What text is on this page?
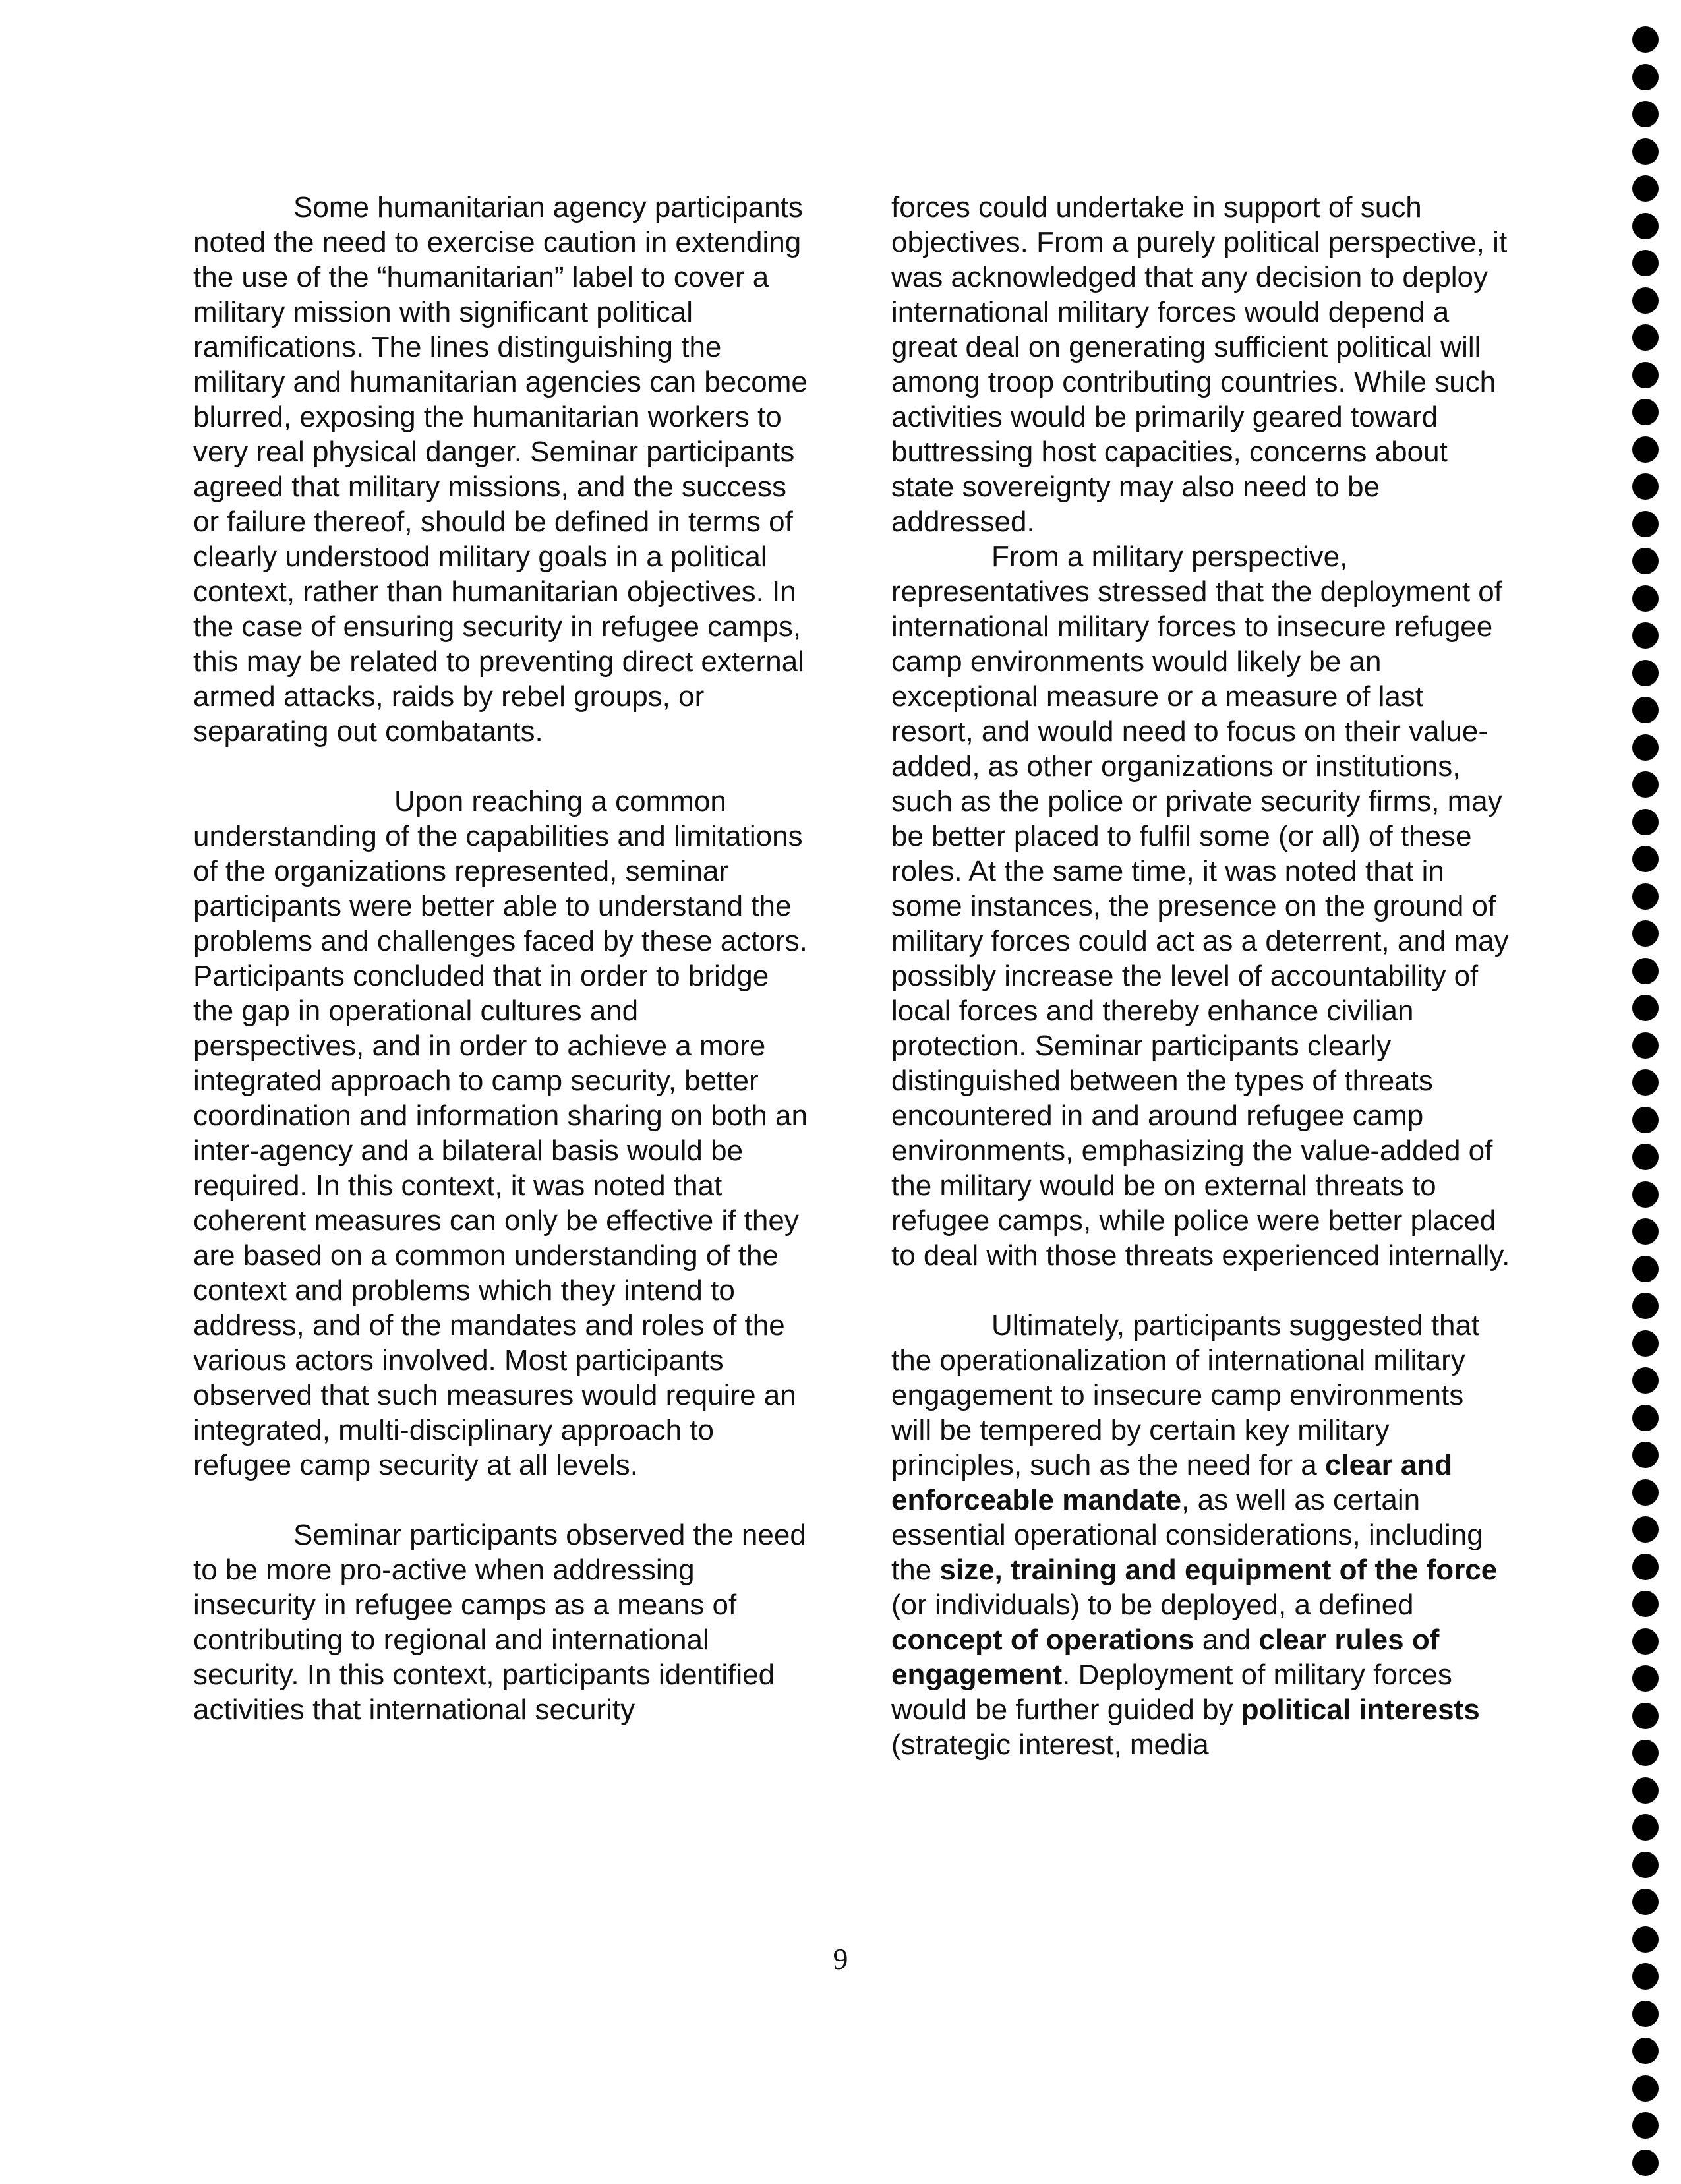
Some humanitarian agency participants noted the need to exercise caution in extending the use of the “humanitarian” label to cover a military mission with significant political ramifications. The lines distinguishing the military and humanitarian agencies can become blurred, exposing the humanitarian workers to very real physical danger. Seminar participants agreed that military missions, and the success or failure thereof, should be defined in terms of clearly understood military goals in a political context, rather than humanitarian objectives. In the case of ensuring security in refugee camps, this may be related to preventing direct external armed attacks, raids by rebel groups, or separating out combatants.

Upon reaching a common understanding of the capabilities and limitations of the organizations represented, seminar participants were better able to understand the problems and challenges faced by these actors. Participants concluded that in order to bridge the gap in operational cultures and perspectives, and in order to achieve a more integrated approach to camp security, better coordination and information sharing on both an inter-agency and a bilateral basis would be required. In this context, it was noted that coherent measures can only be effective if they are based on a common understanding of the context and problems which they intend to address, and of the mandates and roles of the various actors involved. Most participants observed that such measures would require an integrated, multi-disciplinary approach to refugee camp security at all levels.

Seminar participants observed the need to be more pro-active when addressing insecurity in refugee camps as a means of contributing to regional and international security. In this context, participants identified activities that international security

forces could undertake in support of such objectives. From a purely political perspective, it was acknowledged that any decision to deploy international military forces would depend a great deal on generating sufficient political will among troop contributing countries. While such activities would be primarily geared toward buttressing host capacities, concerns about state sovereignty may also need to be addressed.

From a military perspective, representatives stressed that the deployment of international military forces to insecure refugee camp environments would likely be an exceptional measure or a measure of last resort, and would need to focus on their value-added, as other organizations or institutions, such as the police or private security firms, may be better placed to fulfil some (or all) of these roles. At the same time, it was noted that in some instances, the presence on the ground of military forces could act as a deterrent, and may possibly increase the level of accountability of local forces and thereby enhance civilian protection. Seminar participants clearly distinguished between the types of threats encountered in and around refugee camp environments, emphasizing the value-added of the military would be on external threats to refugee camps, while police were better placed to deal with those threats experienced internally.

Ultimately, participants suggested that the operationalization of international military engagement to insecure camp environments will be tempered by certain key military principles, such as the need for a clear and enforceable mandate, as well as certain essential operational considerations, including the size, training and equipment of the force (or individuals) to be deployed, a defined concept of operations and clear rules of engagement. Deployment of military forces would be further guided by political interests (strategic interest, media

9
